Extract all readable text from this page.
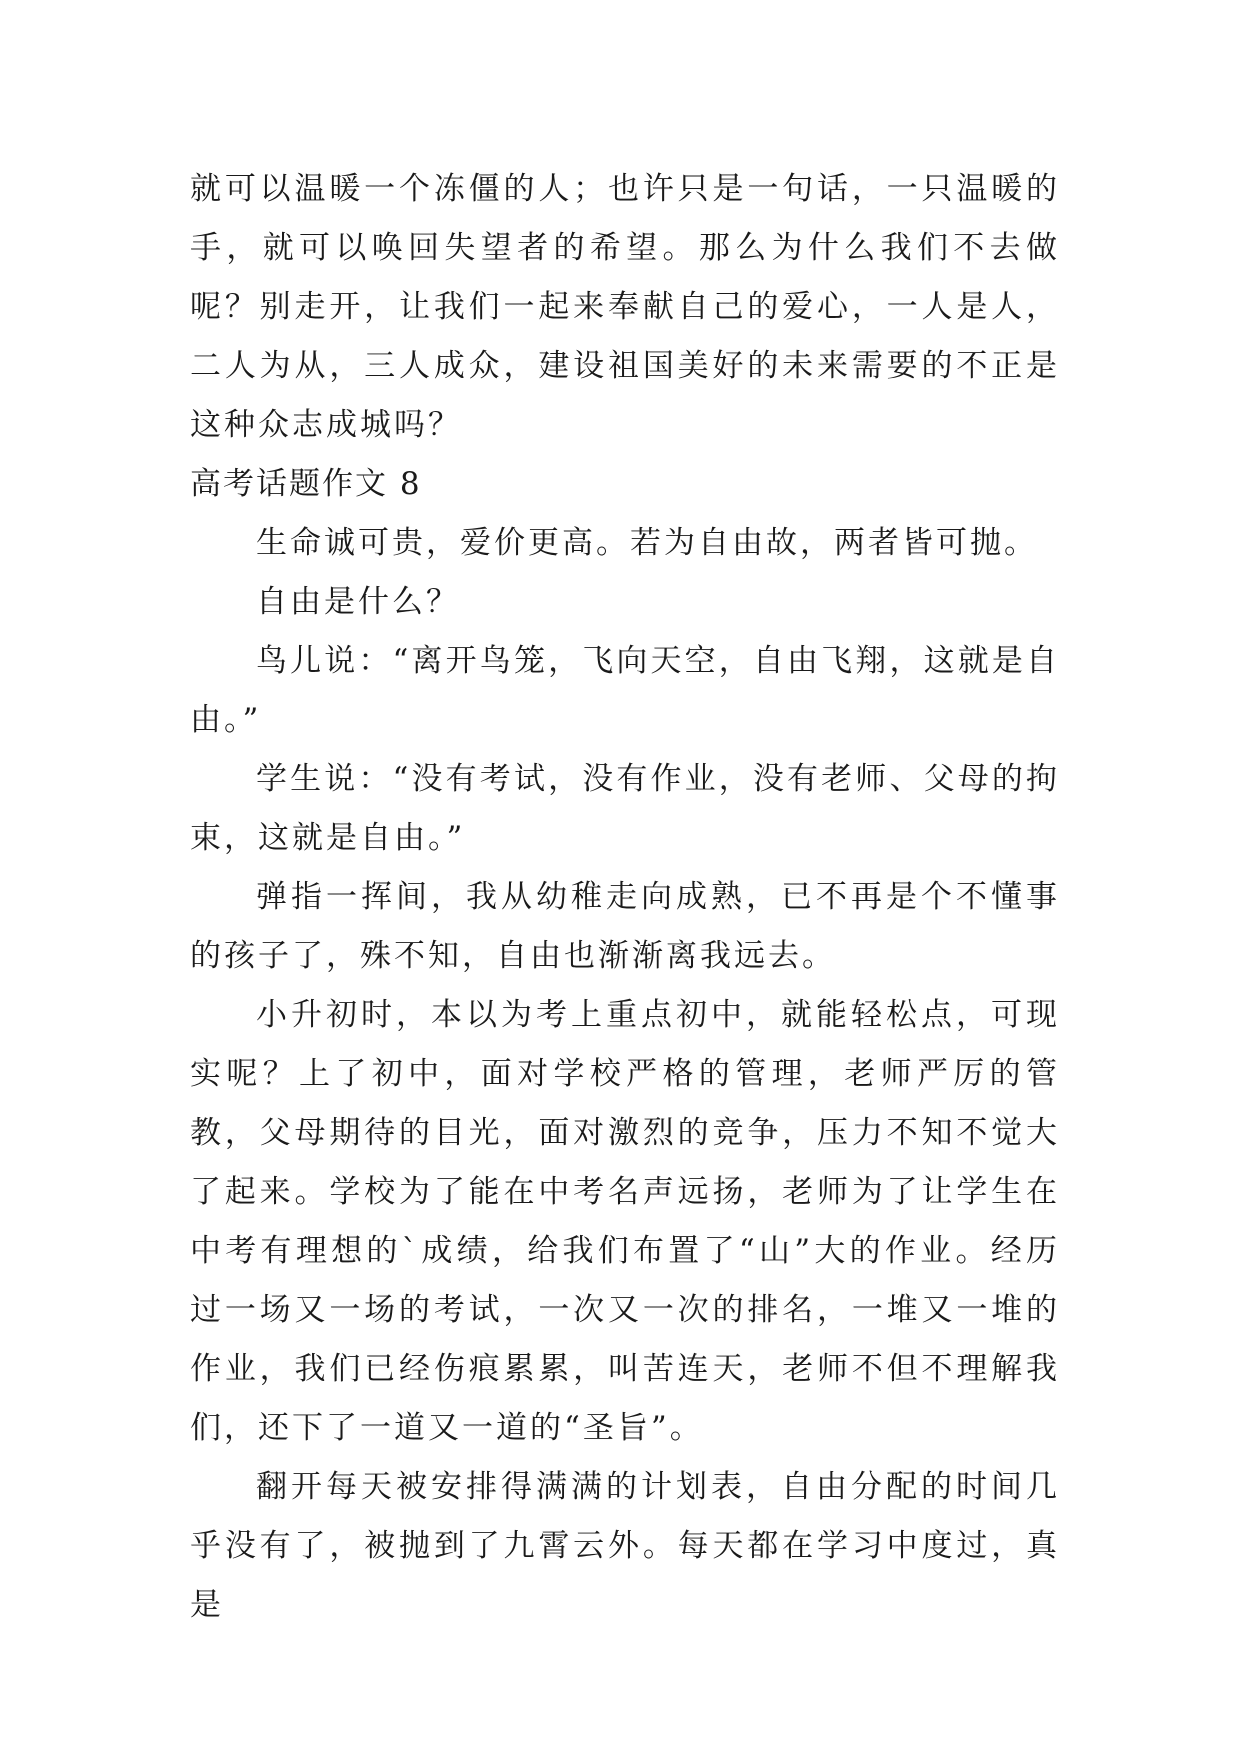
就可以温暖一个冻僵的人；也许只是一句话，一只温暖的手，就可以唤回失望者的希望。那么为什么我们不去做呢？别走开，让我们一起来奉献自己的爱心，一人是人，二人为从，三人成众，建设祖国美好的未来需要的不正是这种众志成城吗？

高考话题作文 8

生命诚可贵，爱价更高。若为自由故，两者皆可抛。

自由是什么？

鸟儿说：“离开鸟笼，飞向天空，自由飞翔，这就是自由。”

学生说：“没有考试，没有作业，没有老师、父母的拘束，这就是自由。”

弹指一挥间，我从幼稚走向成熟，已不再是个不懂事的孩子了，殊不知，自由也渐渐离我远去。

小升初时，本以为考上重点初中，就能轻松点，可现实呢？上了初中，面对学校严格的管理，老师严厉的管教，父母期待的目光，面对激烈的竞争，压力不知不觉大了起来。学校为了能在中考名声远扬，老师为了让学生在中考有理想的`成绩，给我们布置了“山”大的作业。经历过一场又一场的考试，一次又一次的排名，一堆又一堆的作业，我们已经伤痕累累，叫苦连天，老师不但不理解我们，还下了一道又一道的“圣旨”。

翻开每天被安排得满满的计划表，自由分配的时间几乎没有了，被抛到了九霄云外。每天都在学习中度过，真是
